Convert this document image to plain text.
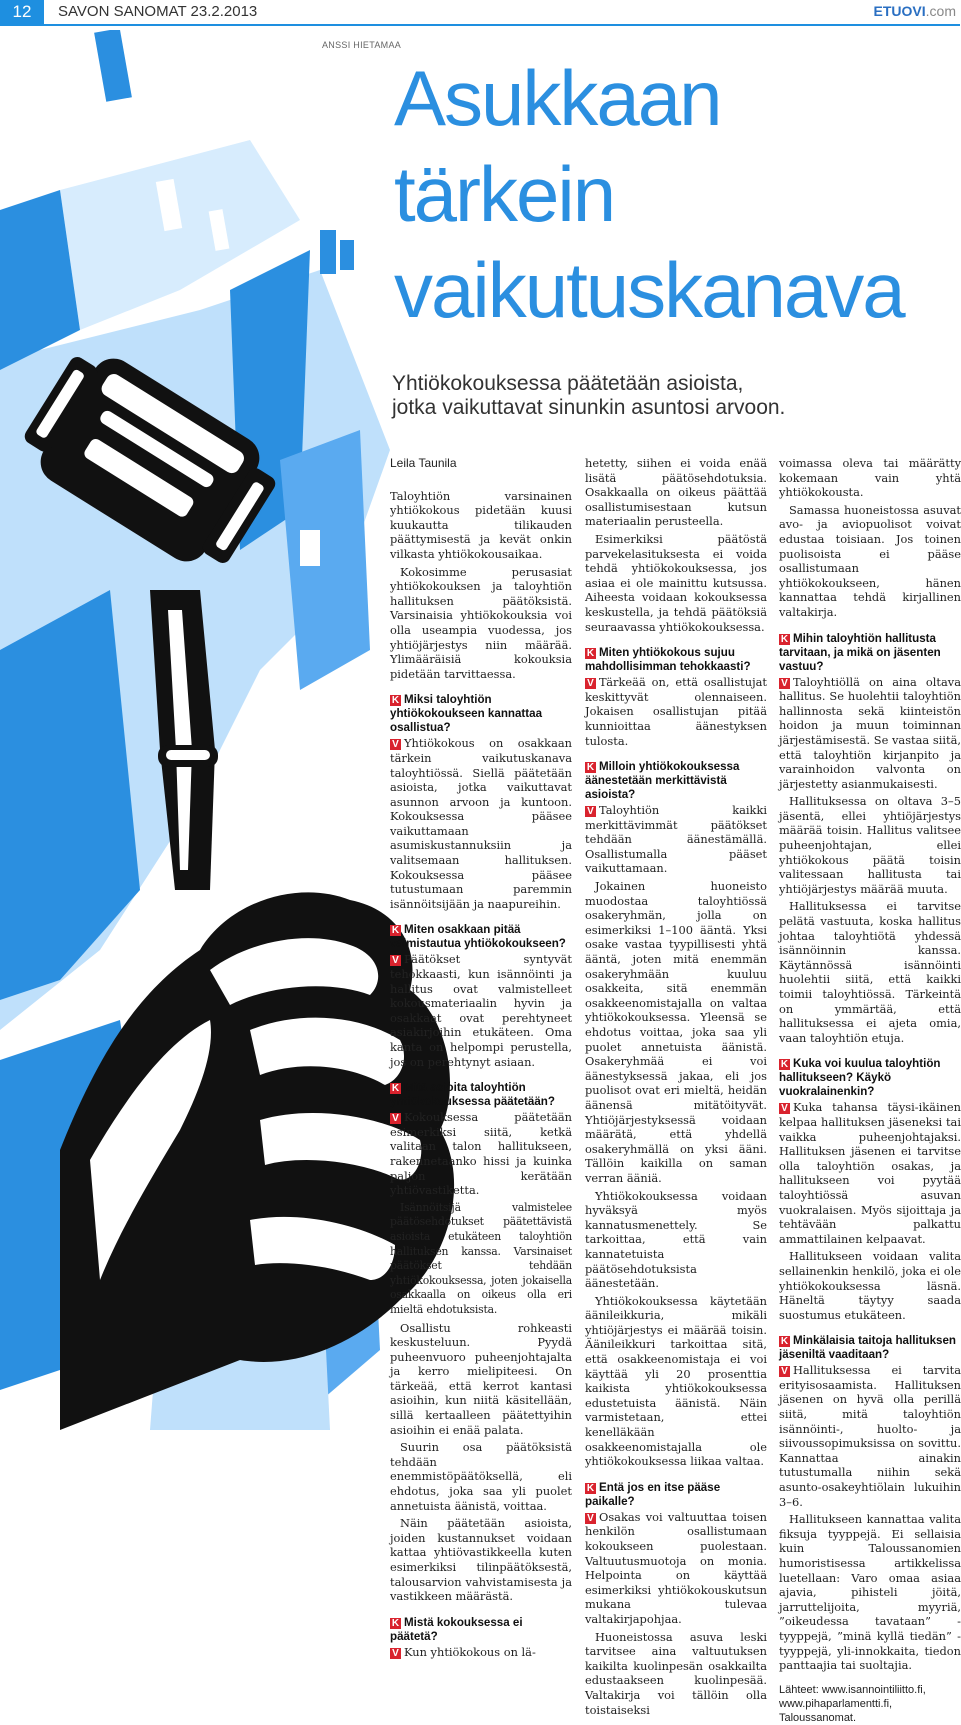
12	SAVON SANOMAT 23.2.2013	ETUOVI.com
ANSSI HIETAMAA
Asukkaan
tärkein
vaikutuskanava

Yhtiökokouksessa päätetään asioista,
jotka vaikuttavat sinunkin asuntosi arvoon.

Leila Taunila

Taloyhtiön varsinainen yhtiökokous pidetään kuusi kuukautta tilikauden päättymisestä ja kevät onkin vilkasta yhtiökokousaikaa.

Kokosimme perusasiat yhtiökokouksen ja taloyhtiön hallituksen päätöksistä. Varsinaisia yhtiökokouksia voi olla useampia vuodessa, jos yhtiöjärjestys niin määrää. Ylimääräisiä kokouksia pidetään tarvittaessa.

K Miksi taloyhtiön yhtiökokoukseen kannattaa osallistua?

V Yhtiökokous on osakkaan tärkein vaikutuskanava taloyhtiössä. Siellä päätetään asioista, jotka vaikuttavat asunnon arvoon ja kuntoon. Kokouksessa pääsee vaikuttamaan asumiskustannuksiin ja valitsemaan hallituksen. Kokouksessa pääsee tutustumaan paremmin isännöitsijään ja naapureihin.

K Miten osakkaan pitää valmistautua yhtiökokoukseen?

V Päätökset syntyvät tehokkaasti, kun isännöinti ja hallitus ovat valmistelleet kokousmateriaalin hyvin ja osakkaat ovat perehtyneet asiakirjoihin etukäteen. Oma kanta on helpompi perustella, jos on perehtynyt asiaan.

K Mitä asioita taloyhtiön yhtiökokouksessa päätetään?

V Kokouksessa päätetään esimerkiksi siitä, ketkä valitaan talon hallitukseen, rakennetaanko hissi ja kuinka paljon kerätään yhtiövastiketta.

Isännöitsijä valmistelee päätösehdotukset päätettävistä asioista etukäteen taloyhtiön hallituksen kanssa. Varsinaiset päätökset tehdään yhtiökokouksessa, joten jokaisella osakkaalla on oikeus olla eri mieltä ehdotuksista.

Osallistu rohkeasti keskusteluun. Pyydä puheenvuoro puheenjohtajalta ja kerro mielipiteesi. On tärkeää, että kerrot kantasi asioihin, kun niitä käsitellään, sillä kertaalleen päätettyihin asioihin ei enää palata.

Suurin osa päätöksistä tehdään enemmistöpäätöksellä, eli ehdotus, joka saa yli puolet annetuista äänistä, voittaa.

Näin päätetään asioista, joiden kustannukset voidaan kattaa yhtiövastikkeella kuten esimerkiksi tilinpäätöksestä, talousarvion vahvistamisesta ja vastikkeen määrästä.

K Mistä kokouksessa ei päätetä?

V Kun yhtiökokous on lä-

hetetty, siihen ei voida enää lisätä päätösehdotuksia. Osakkaalla on oikeus päättää osallistumisestaan kutsun materiaalin perusteella.

Esimerkiksi päätöstä parvekelasituksesta ei voida tehdä yhtiökokouksessa, jos asiaa ei ole mainittu kutsussa. Aiheesta voidaan kokouksessa keskustella, ja tehdä päätöksiä seuraavassa yhtiökokouksessa.

K Miten yhtiökokous sujuu mahdollisimman tehokkaasti?

V Tärkeää on, että osallistujat keskittyvät olennaiseen. Jokaisen osallistujan pitää kunnioittaa äänestyksen tulosta.

K Milloin yhtiökokouksessa äänestetään merkittävistä asioista?

V Taloyhtiön kaikki merkittävimmät päätökset tehdään äänestämällä. Osallistumalla pääset vaikuttamaan.

Jokainen huoneisto muodostaa taloyhtiössä osakeryhmän, jolla on esimerkiksi 1–100 ääntä. Yksi osake vastaa tyypillisesti yhtä ääntä, joten mitä enemmän osakeryhmään kuuluu osakkeita, sitä enemmän osakkeenomistajalla on valtaa yhtiökokouksessa. Yleensä se ehdotus voittaa, joka saa yli puolet annetuista äänistä. Osakeryhmää ei voi äänestyksessä jakaa, eli jos puolisot ovat eri mieltä, heidän äänensä mitätöityvät. Yhtiöjärjestyksessä voidaan määrätä, että yhdellä osakeryhmällä on yksi ääni. Tällöin kaikilla on saman verran ääniä.

Yhtiökokouksessa voidaan hyväksyä myös kannatusmenettely. Se tarkoittaa, että vain kannatetuista päätösehdotuksista äänestetään.

Yhtiökokouksessa käytetään äänileikkuria, mikäli yhtiöjärjestys ei määrää toisin. Äänileikkuri tarkoittaa sitä, että osakkeenomistaja ei voi käyttää yli 20 prosenttia kaikista yhtiökokouksessa edustetuista äänistä. Näin varmistetaan, ettei kenelläkään osakkeenomistajalla ole yhtiökokouksessa liikaa valtaa.

K Entä jos en itse pääse paikalle?

V Osakas voi valtuuttaa toisen henkilön osallistumaan kokoukseen puolestaan. Valtuutusmuotoja on monia. Helpointa on käyttää esimerkiksi yhtiökokouskutsun mukana tulevaa valtakirjapohjaa.

Huoneistossa asuva leski tarvitsee aina valtuutuksen kaikilta kuolinpesän osakkailta edustaakseen kuolinpesää. Valtakirja voi tällöin olla toistaiseksi

voimassa oleva tai määrätty kokemaan vain yhtä yhtiökokousta.

Samassa huoneistossa asuvat avo- ja aviopuolisot voivat edustaa toisiaan. Jos toinen puolisoista ei pääse osallistumaan yhtiökokoukseen, hänen kannattaa tehdä kirjallinen valtakirja.

K Mihin taloyhtiön hallitusta tarvitaan, ja mikä on jäsenten vastuu?

V Taloyhtiöllä on aina oltava hallitus. Se huolehtii taloyhtiön hallinnosta sekä kiinteistön hoidon ja muun toiminnan järjestämisestä. Se vastaa siitä, että taloyhtiön kirjanpito ja varainhoidon valvonta on järjestetty asianmukaisesti.

Hallituksessa on oltava 3–5 jäsentä, ellei yhtiöjärjestys määrää toisin. Hallitus valitsee puheenjohtajan, ellei yhtiökokous päätä toisin valitessaan hallitusta tai yhtiöjärjestys määrää muuta.

Hallituksessa ei tarvitse pelätä vastuuta, koska hallitus johtaa taloyhtiötä yhdessä isännöinnin kanssa. Käytännössä isännöinti huolehtii siitä, että kaikki toimii taloyhtiössä. Tärkeintä on ymmärtää, että hallituksessa ei ajeta omia, vaan taloyhtiön etuja.

K Kuka voi kuulua taloyhtiön hallitukseen? Käykö vuokralainenkin?

V Kuka tahansa täysi-ikäinen kelpaa hallituksen jäseneksi tai vaikka puheenjohtajaksi. Hallituksen jäsenen ei tarvitse olla taloyhtiön osakas, ja hallitukseen voi pyytää taloyhtiössä asuvan vuokralaisen. Myös sijoittaja ja tehtävään palkattu ammattilainen kelpaavat.

Hallitukseen voidaan valita sellainenkin henkilö, joka ei ole yhtiökokouksessa läsnä. Häneltä täytyy saada suostumus etukäteen.

K Minkälaisia taitoja hallituksen jäseniltä vaaditaan?

V Hallituksessa ei tarvita erityisosaamista. Hallituksen jäsenen on hyvä olla perillä siitä, mitä taloyhtiön isännöinti-, huolto- ja siivoussopimuksissa on sovittu. Kannattaa ainakin tutustumalla niihin sekä asunto-osakeyhtiölain lukuihin 3–6.

Hallitukseen kannattaa valita fiksuja tyyppejä. Ei sellaisia kuin Taloussanomien humoristisessa artikkelissa luetellaan: Varo omaa asiaa ajavia, pihisteli jöitä, jarruttelijoita, myyriä, ”oikeudessa tavataan” -tyyppejä, ”minä kyllä tiedän” -tyyppejä, yli-innokkaita, tiedon panttaajia tai suoltajia.

Lähteet: www.isannointiliitto.fi, www.pihaparlamentti.fi, Taloussanomat.
